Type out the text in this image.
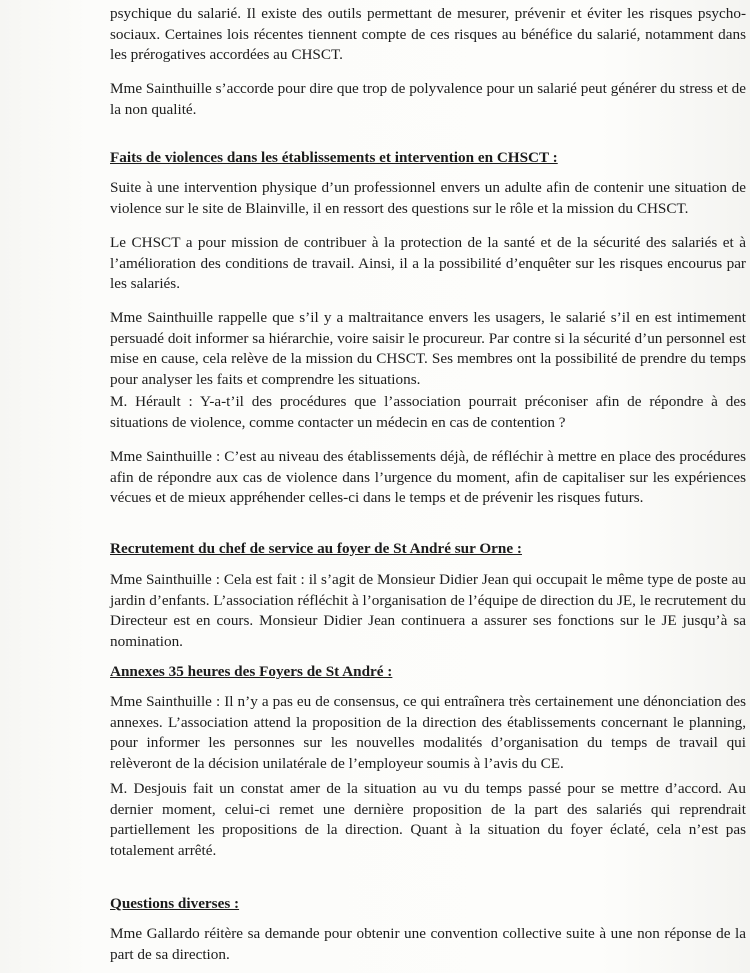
psychique du salarié. Il existe des outils permettant de mesurer, prévenir et éviter les risques psycho-sociaux. Certaines lois récentes tiennent compte de ces risques au bénéfice du salarié, notamment dans les prérogatives accordées au CHSCT.

Mme Sainthuille s’accorde pour dire que trop de polyvalence pour un salarié peut générer du stress et de la non qualité.

Faits de violences dans les établissements et intervention en CHSCT :

Suite à une intervention physique d’un professionnel envers un adulte afin de contenir une situation de violence sur le site de Blainville, il en ressort des questions sur le rôle et la mission du CHSCT.

Le CHSCT a pour mission de contribuer à la protection de la santé et de la sécurité des salariés et à l’amélioration des conditions de travail. Ainsi, il a la possibilité d’enquêter sur les risques encourus par les salariés.

Mme Sainthuille rappelle que s’il y a maltraitance envers les usagers, le salarié s’il en est intimement persuadé doit informer sa hiérarchie, voire saisir le procureur. Par contre si la sécurité d’un personnel est mise en cause, cela relève de la mission du CHSCT. Ses membres ont la possibilité de prendre du temps pour analyser les faits et comprendre les situations.

M. Hérault : Y-a-t’il des procédures que l’association pourrait préconiser afin de répondre à des situations de violence, comme contacter un médecin en cas de contention ?

Mme Sainthuille : C’est au niveau des établissements déjà, de réfléchir à mettre en place des procédures afin de répondre aux cas de violence dans l’urgence du moment, afin de capitaliser sur les expériences vécues et de mieux appréhender celles-ci dans le temps et de prévenir les risques futurs.

Recrutement du chef de service au foyer de St André sur Orne :

Mme Sainthuille : Cela est fait : il s’agit de Monsieur Didier Jean qui occupait le même type de poste au jardin d’enfants. L’association réfléchit à l’organisation de l’équipe de direction du JE, le recrutement du Directeur est en cours. Monsieur Didier Jean continuera a assurer ses fonctions sur le JE jusqu’à sa nomination.

Annexes 35 heures des Foyers de St André :

Mme Sainthuille : Il n’y a pas eu de consensus, ce qui entraînera très certainement une dénonciation des annexes. L’association attend la proposition de la direction des établissements concernant le planning, pour informer les personnes sur les nouvelles modalités d’organisation du temps de travail qui relèveront de la décision unilatérale de l’employeur soumis à l’avis du CE.

M. Desjouis fait un constat amer de la situation au vu du temps passé pour se mettre d’accord. Au dernier moment, celui-ci remet une dernière proposition de la part des salariés qui reprendrait partiellement les propositions de la direction. Quant à la situation du foyer éclaté, cela n’est pas totalement arrêté.

Questions diverses :

Mme Gallardo réitère sa demande pour obtenir une convention collective suite à une non réponse de la part de sa direction.
